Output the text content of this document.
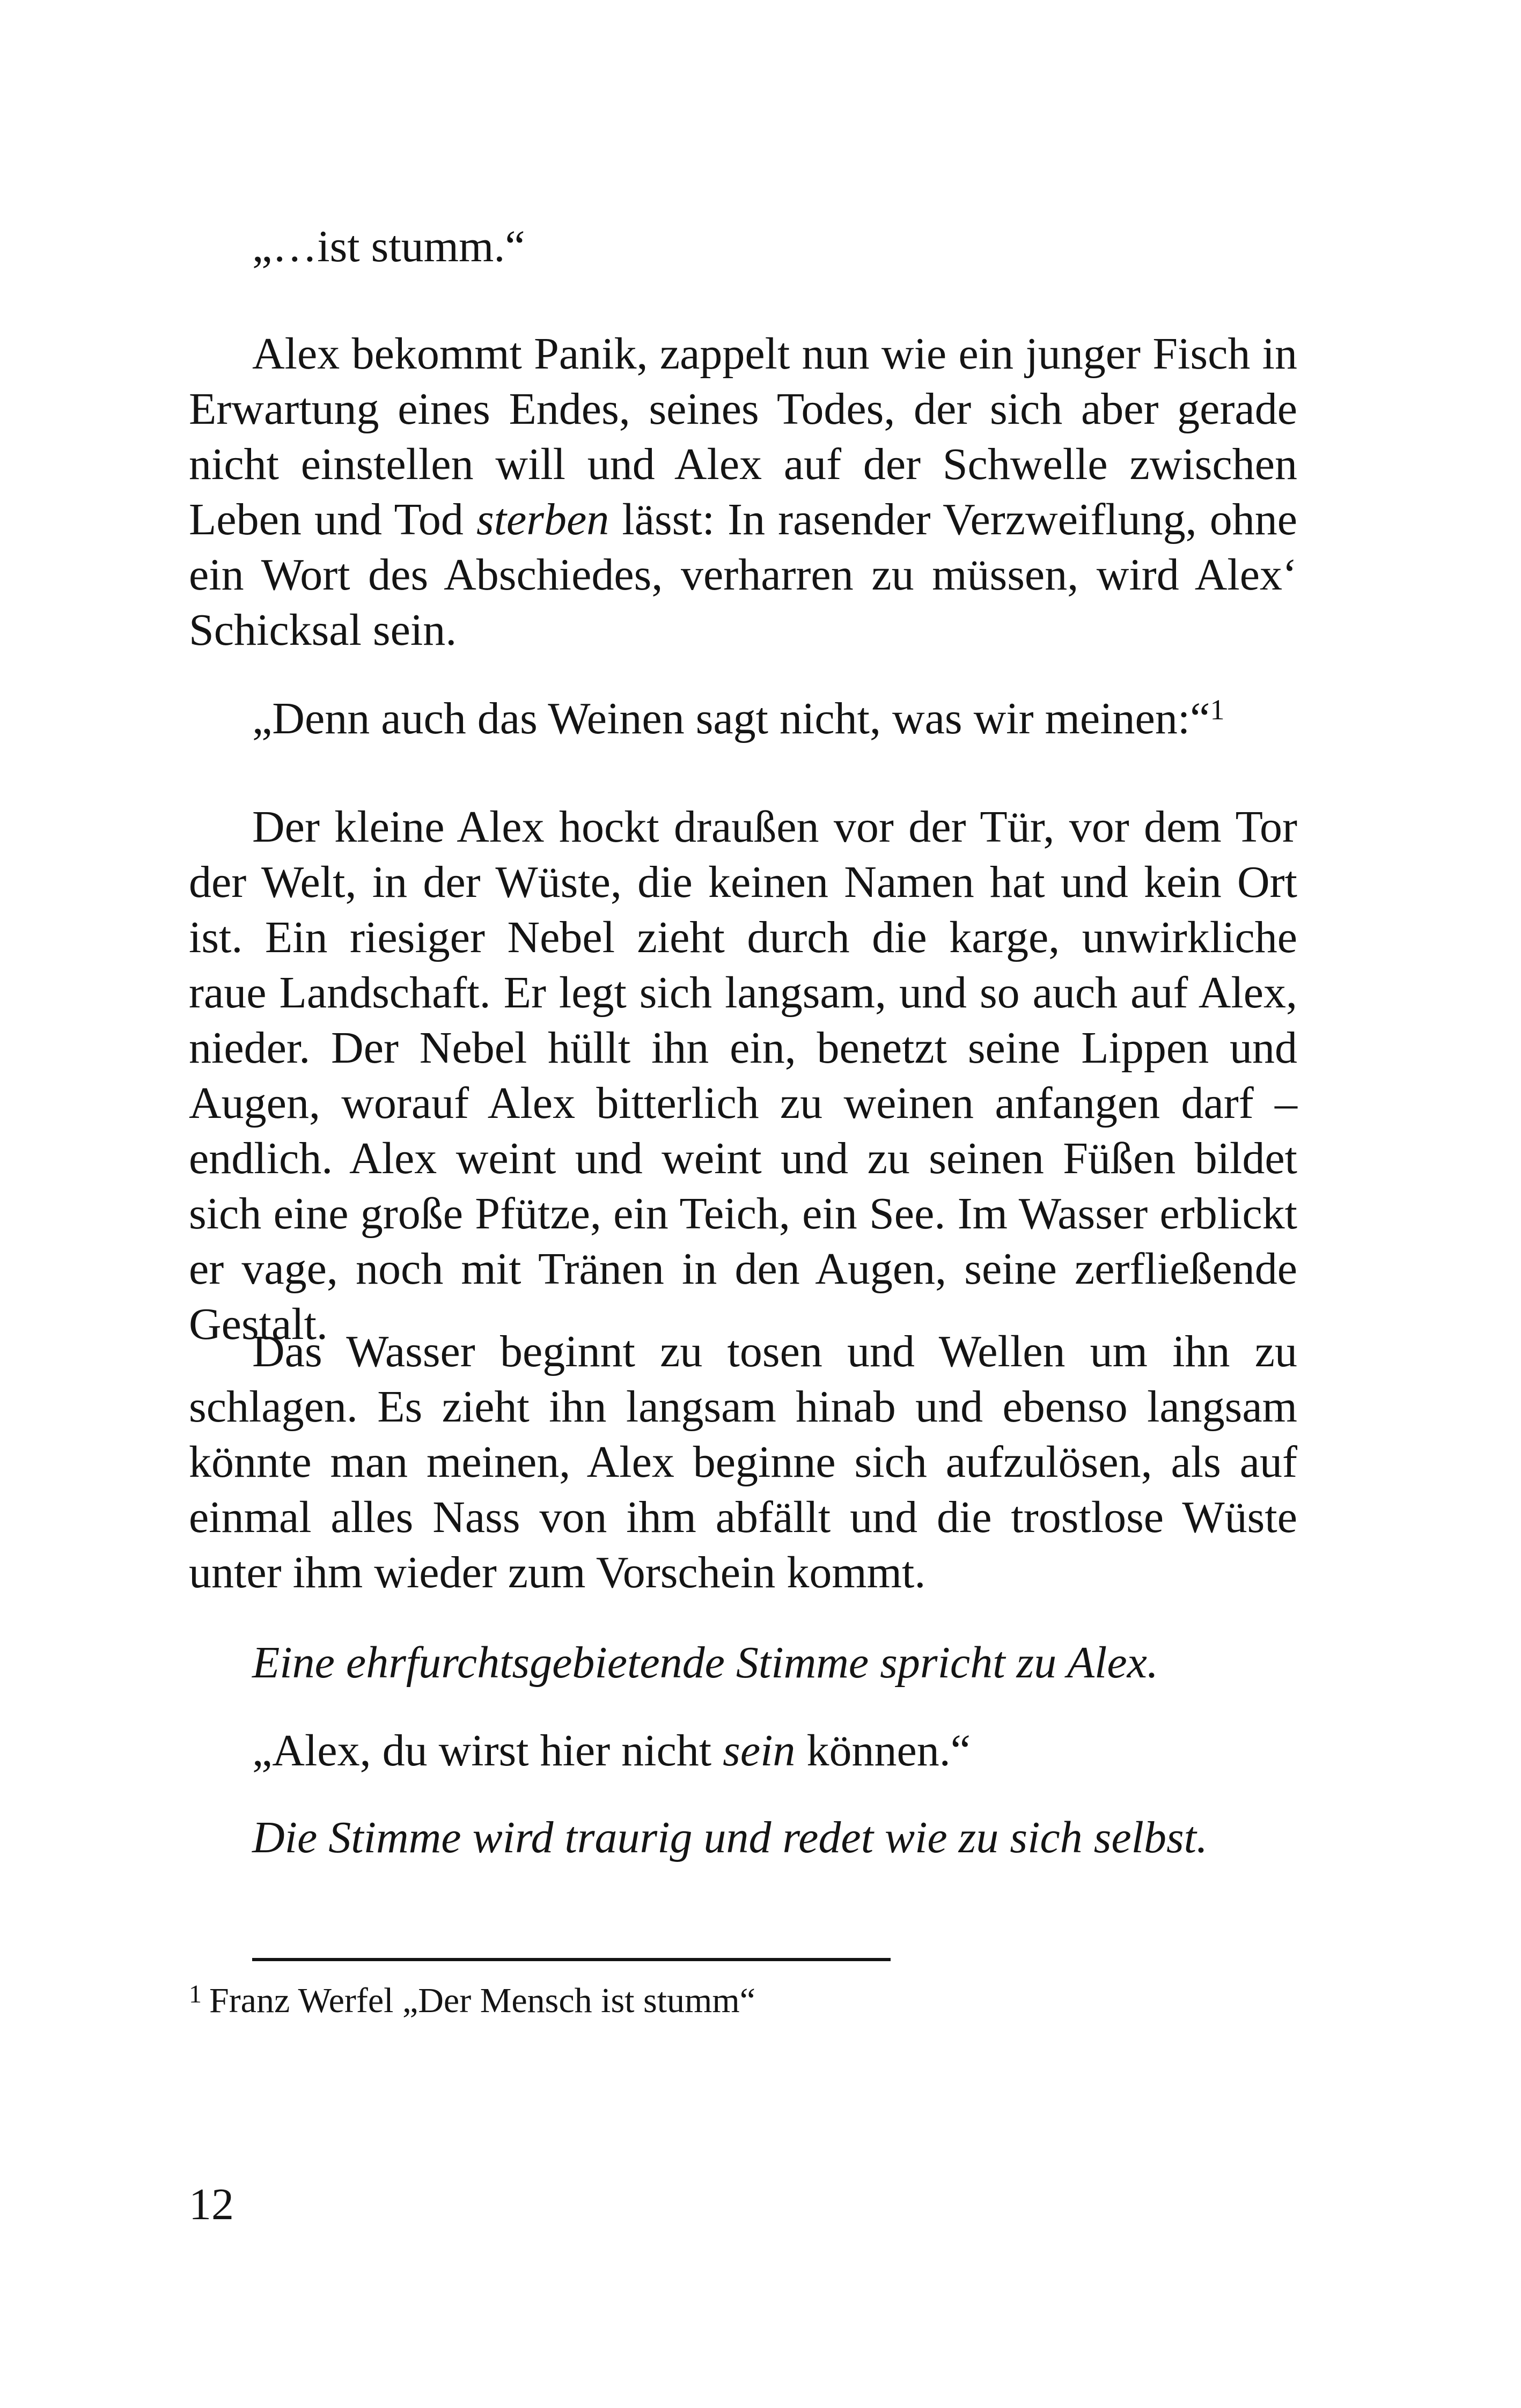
„…ist stumm.“

Alex bekommt Panik, zappelt nun wie ein junger Fisch in Erwartung eines Endes, seines Todes, der sich aber gerade nicht einstellen will und Alex auf der Schwelle zwischen Leben und Tod sterben lässt: In rasender Verzweiflung, ohne ein Wort des Abschiedes, verharren zu müssen, wird Alex‘ Schicksal sein.

„Denn auch das Weinen sagt nicht, was wir meinen:“$^1$

Der kleine Alex hockt draußen vor der Tür, vor dem Tor der Welt, in der Wüste, die keinen Namen hat und kein Ort ist. Ein riesiger Nebel zieht durch die karge, unwirkliche raue Landschaft. Er legt sich langsam, und so auch auf Alex, nieder. Der Nebel hüllt ihn ein, benetzt seine Lippen und Augen, worauf Alex bitterlich zu weinen anfangen darf – endlich. Alex weint und weint und zu seinen Füßen bildet sich eine große Pfütze, ein Teich, ein See. Im Wasser erblickt er vage, noch mit Tränen in den Augen, seine zerfließende Gestalt.

Das Wasser beginnt zu tosen und Wellen um ihn zu schlagen. Es zieht ihn langsam hinab und ebenso langsam könnte man meinen, Alex beginne sich aufzulösen, als auf einmal alles Nass von ihm abfällt und die trostlose Wüste unter ihm wieder zum Vorschein kommt.

Eine ehrfurchtsgebietende Stimme spricht zu Alex.

„Alex, du wirst hier nicht sein können.“

Die Stimme wird traurig und redet wie zu sich selbst.

$^1$ Franz Werfel „Der Mensch ist stumm“
12
